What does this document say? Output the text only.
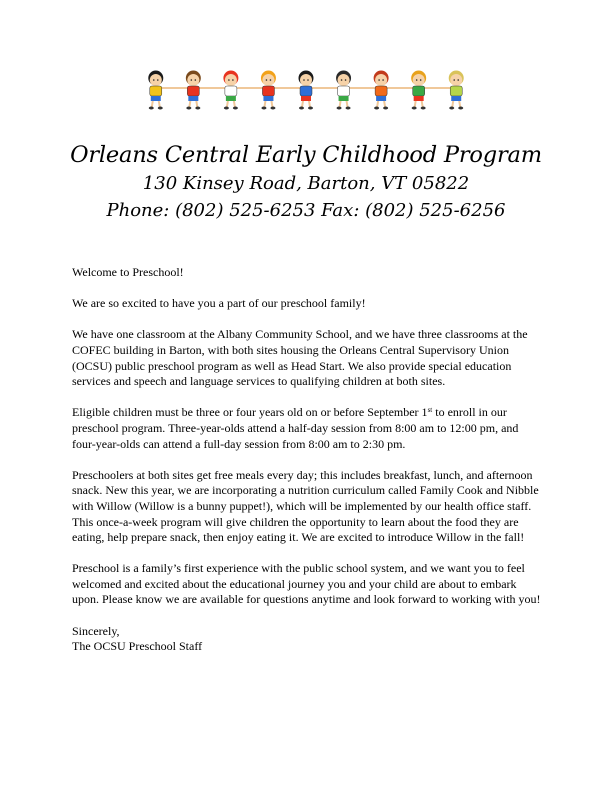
Orleans Central Early Childhood Program
130 Kinsey Road, Barton, VT 05822
Phone: (802) 525-6253 Fax: (802) 525-6256

Welcome to Preschool!

We are so excited to have you a part of our preschool family!

We have one classroom at the Albany Community School, and we have three classrooms at the COFEC building in Barton, with both sites housing the Orleans Central Supervisory Union (OCSU) public preschool program as well as Head Start. We also provide special education services and speech and language services to qualifying children at both sites.

Eligible children must be three or four years old on or before September 1st to enroll in our preschool program. Three-year-olds attend a half-day session from 8:00 am to 12:00 pm, and four-year-olds can attend a full-day session from 8:00 am to 2:30 pm.

Preschoolers at both sites get free meals every day; this includes breakfast, lunch, and afternoon snack. New this year, we are incorporating a nutrition curriculum called Family Cook and Nibble with Willow (Willow is a bunny puppet!), which will be implemented by our health office staff. This once-a-week program will give children the opportunity to learn about the food they are eating, help prepare snack, then enjoy eating it. We are excited to introduce Willow in the fall!

Preschool is a family’s first experience with the public school system, and we want you to feel welcomed and excited about the educational journey you and your child are about to embark upon. Please know we are available for questions anytime and look forward to working with you!

Sincerely,

The OCSU Preschool Staff
